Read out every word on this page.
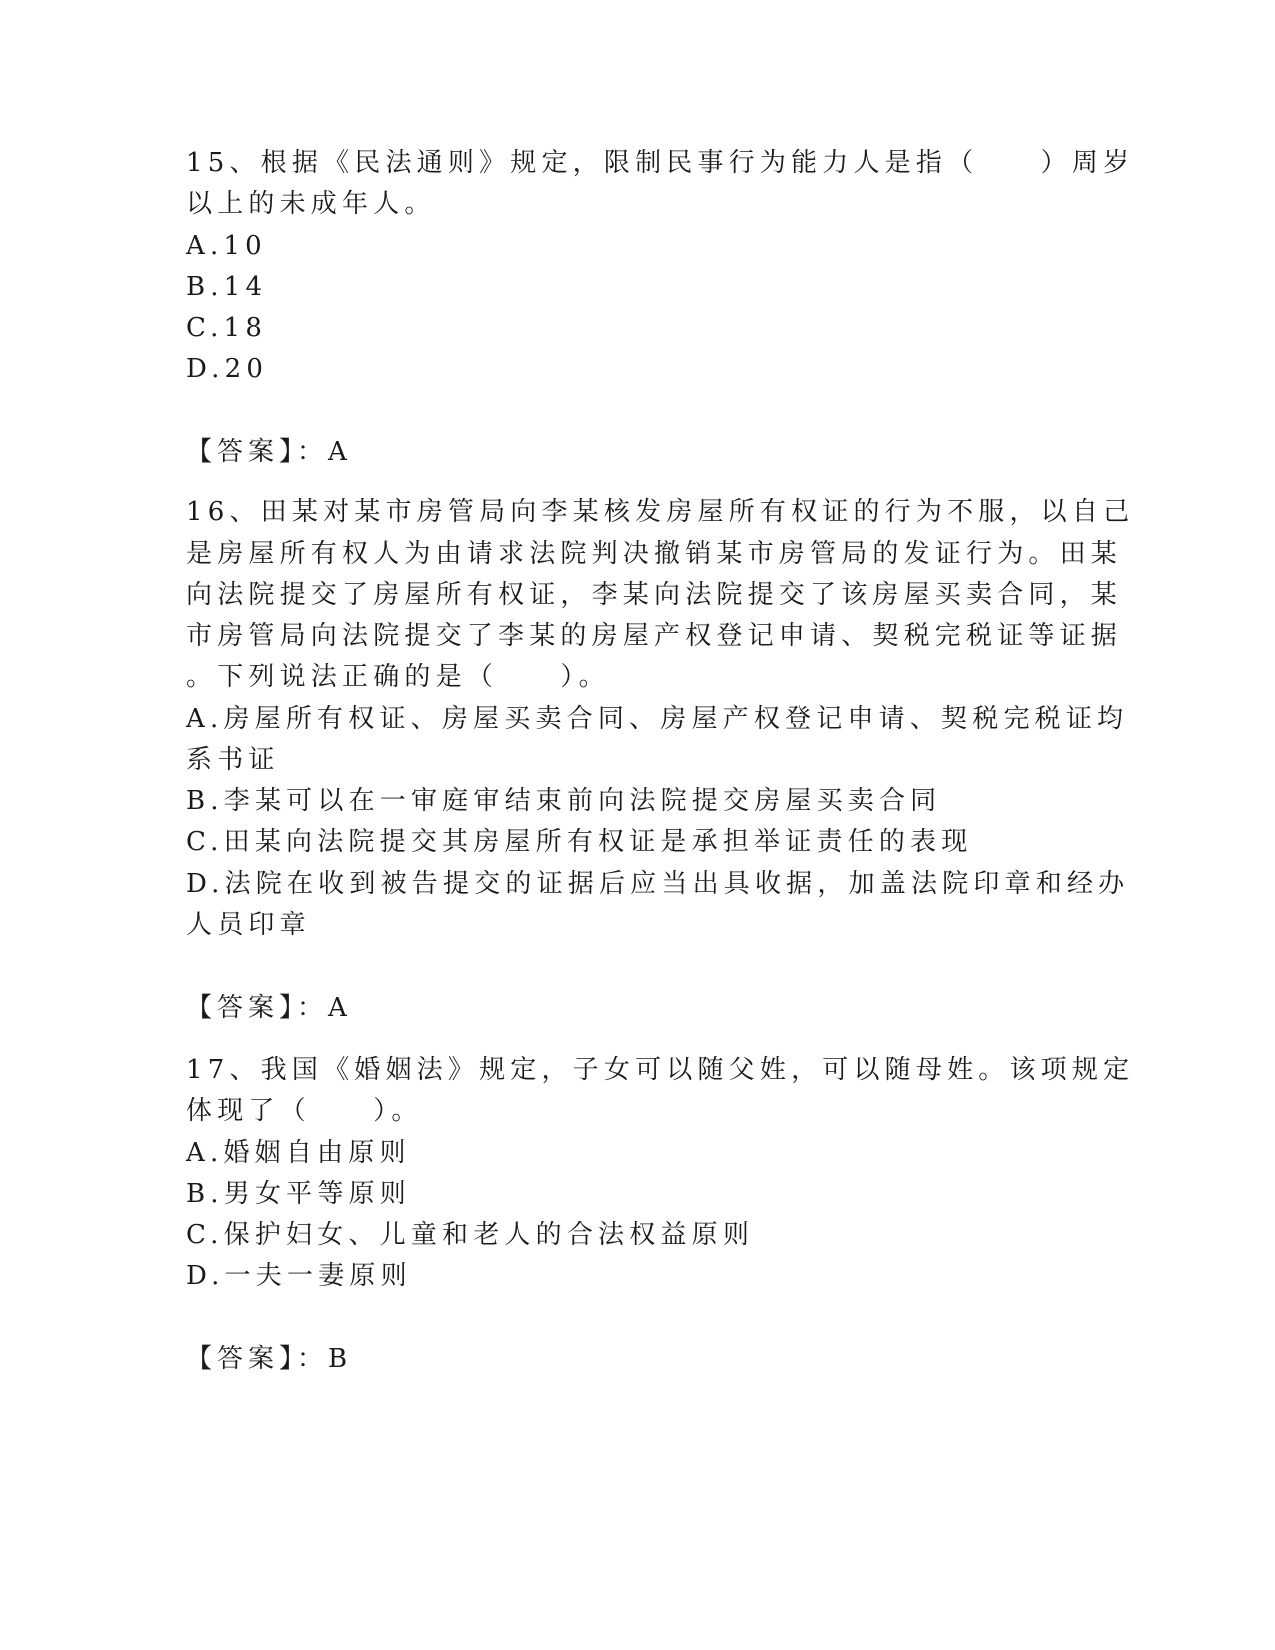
15、根据《民法通则》规定，限制民事行为能力人是指（　　）周岁
以上的未成年人。
A.10
B.14
C.18
D.20
【答案】：A
16、田某对某市房管局向李某核发房屋所有权证的行为不服，以自己
是房屋所有权人为由请求法院判决撤销某市房管局的发证行为。田某
向法院提交了房屋所有权证，李某向法院提交了该房屋买卖合同，某
市房管局向法院提交了李某的房屋产权登记申请、契税完税证等证据
。下列说法正确的是（　　）。
A.房屋所有权证、房屋买卖合同、房屋产权登记申请、契税完税证均
系书证
B.李某可以在一审庭审结束前向法院提交房屋买卖合同
C.田某向法院提交其房屋所有权证是承担举证责任的表现
D.法院在收到被告提交的证据后应当出具收据，加盖法院印章和经办
人员印章
【答案】：A
17、我国《婚姻法》规定，子女可以随父姓，可以随母姓。该项规定
体现了（　　）。
A.婚姻自由原则
B.男女平等原则
C.保护妇女、儿童和老人的合法权益原则
D.一夫一妻原则
【答案】：B
